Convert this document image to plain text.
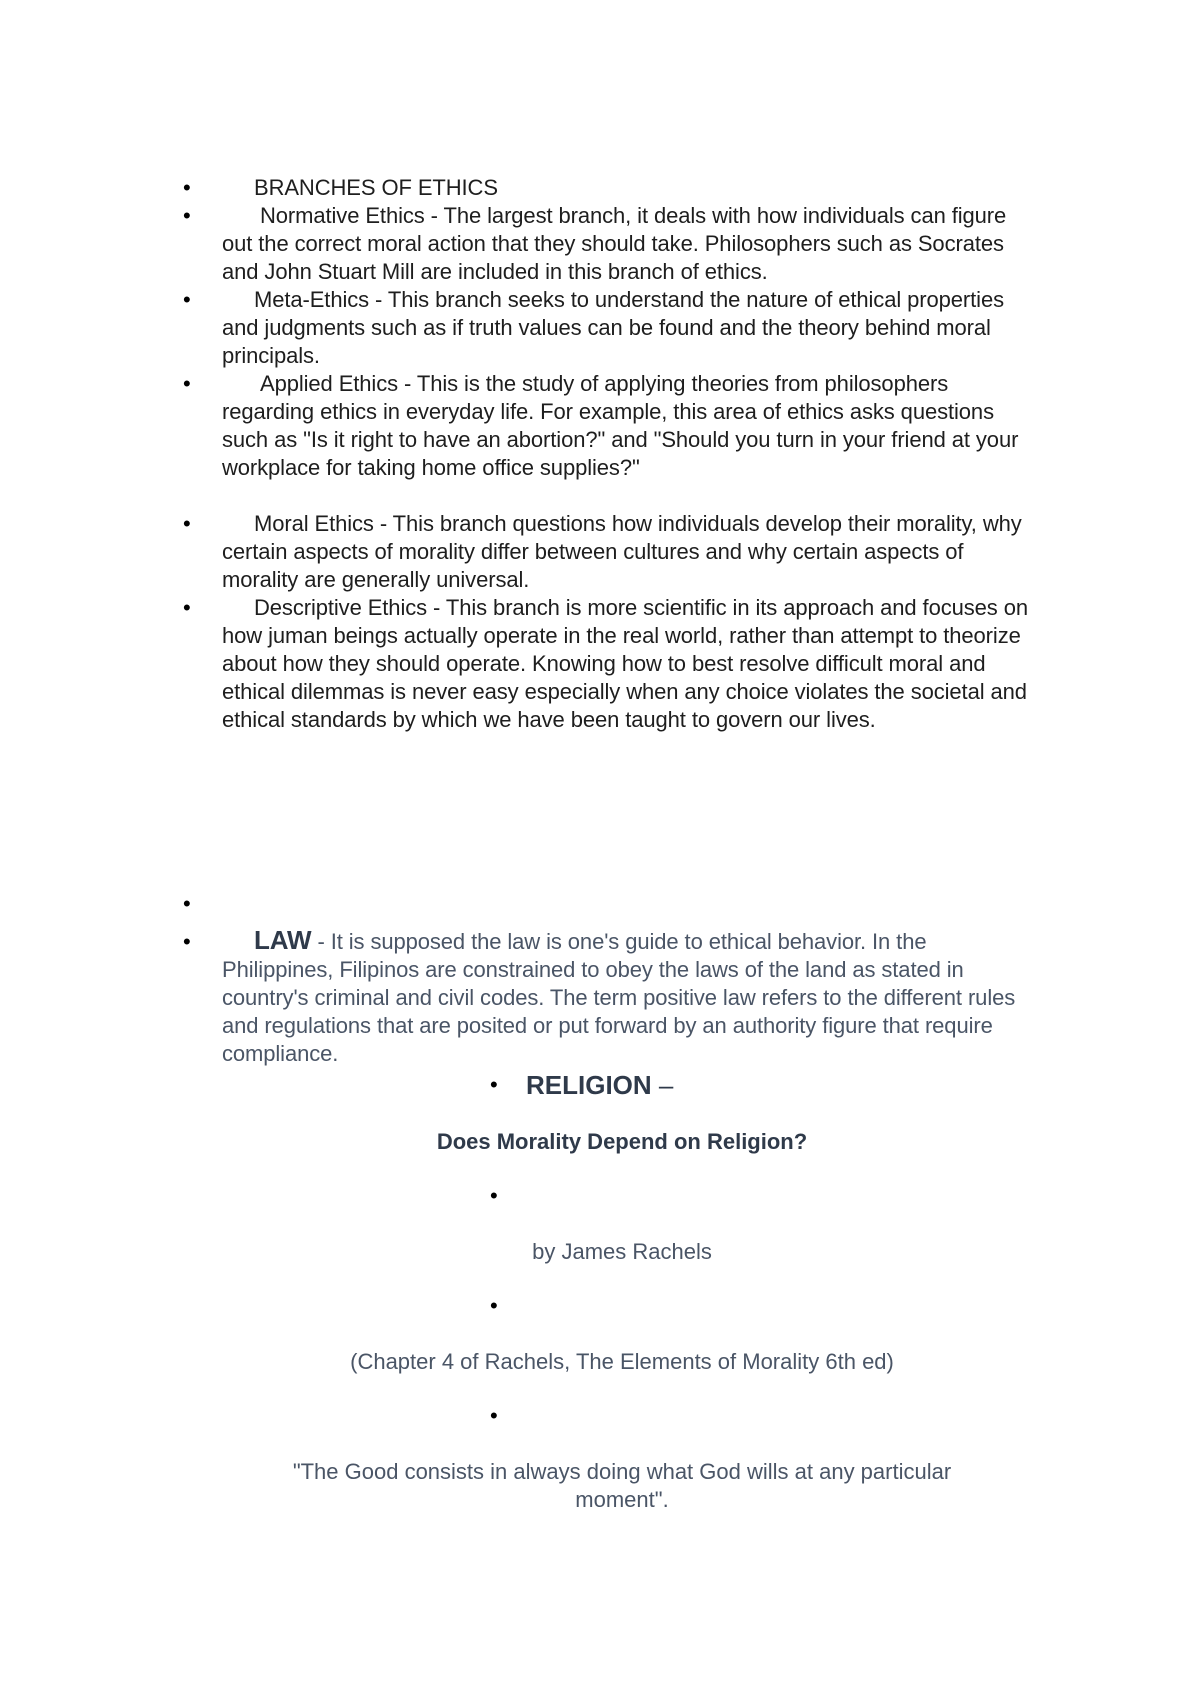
•	BRANCHES OF ETHICS
•	Normative Ethics - The largest branch, it deals with how individuals can figure out the correct moral action that they should take. Philosophers such as Socrates and John Stuart Mill are included in this branch of ethics.
•	Meta-Ethics - This branch seeks to understand the nature of ethical properties and judgments such as if truth values can be found and the theory behind moral principals.
•	Applied Ethics - This is the study of applying theories from philosophers regarding ethics in everyday life. For example, this area of ethics asks questions such as "Is it right to have an abortion?" and "Should you turn in your friend at your workplace for taking home office supplies?"
•	Moral Ethics - This branch questions how individuals develop their morality, why certain aspects of morality differ between cultures and why certain aspects of morality are generally universal.
•	Descriptive Ethics - This branch is more scientific in its approach and focuses on how juman beings actually operate in the real world, rather than attempt to theorize about how they should operate. Knowing how to best resolve difficult moral and ethical dilemmas is never easy especially when any choice violates the societal and ethical standards by which we have been taught to govern our lives.
•
•	LAW - It is supposed the law is one's guide to ethical behavior. In the Philippines, Filipinos are constrained to obey the laws of the land as stated in country's criminal and civil codes. The term positive law refers to the different rules and regulations that are posited or put forward by an authority figure that require compliance.
• RELIGION –
Does Morality Depend on Religion?
•
by James Rachels
•
(Chapter 4 of Rachels, The Elements of Morality 6th ed)
•
"The Good consists in always doing what God wills at any particular moment".
